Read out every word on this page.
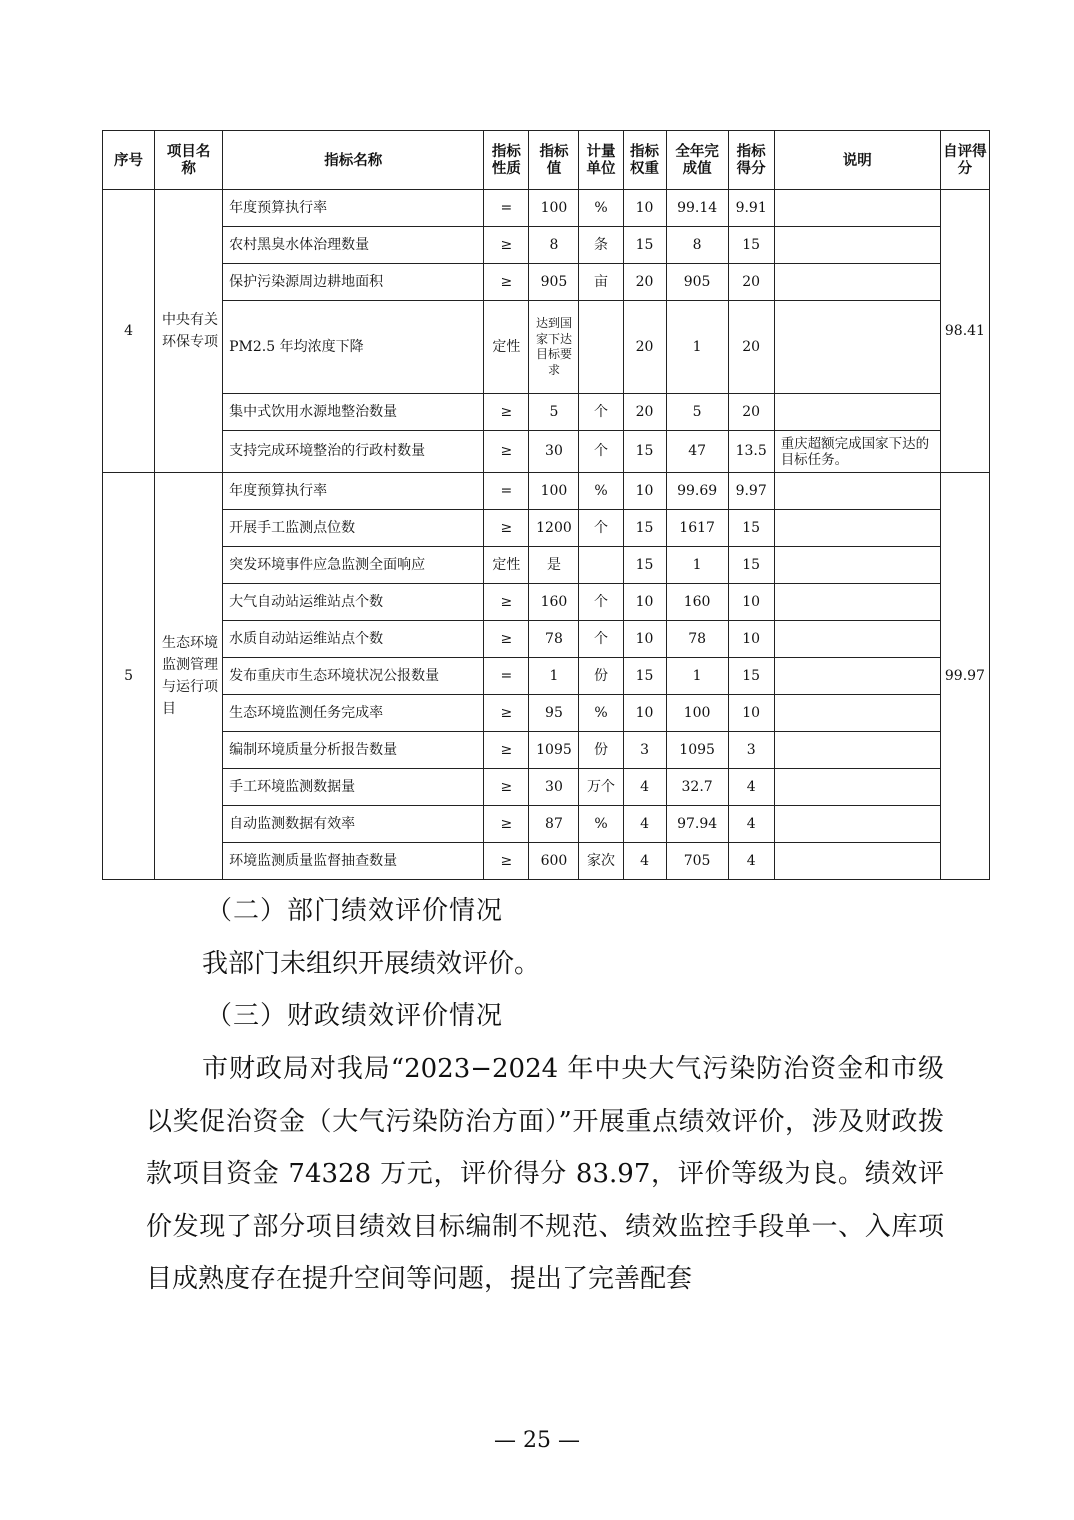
序号	项目名称	指标名称	指标性质	指标值	计量单位	指标权重	全年完成值	指标得分	说明	自评得分
4	中央有关环保专项	年度预算执行率	=	100	%	10	99.14	9.91		98.41
		农村黑臭水体治理数量	≥	8	条	15	8	15		
		保护污染源周边耕地面积	≥	905	亩	20	905	20		
		PM2.5 年均浓度下降	定性	达到国家下达目标要求		20	1	20		
		集中式饮用水源地整治数量	≥	5	个	20	5	20		
		支持完成环境整治的行政村数量	≥	30	个	15	47	13.5	重庆超额完成国家下达的目标任务。	
5	生态环境监测管理与运行项目	年度预算执行率	=	100	%	10	99.69	9.97		99.97
		开展手工监测点位数	≥	1200	个	15	1617	15		
		突发环境事件应急监测全面响应	定性	是		15	1	15		
		大气自动站运维站点个数	≥	160	个	10	160	10		
		水质自动站运维站点个数	≥	78	个	10	78	10		
		发布重庆市生态环境状况公报数量	=	1	份	15	1	15		
		生态环境监测任务完成率	≥	95	%	10	100	10		
		编制环境质量分析报告数量	≥	1095	份	3	1095	3		
		手工环境监测数据量	≥	30	万个	4	32.7	4		
		自动监测数据有效率	≥	87	%	4	97.94	4		
		环境监测质量监督抽查数量	≥	600	家次	4	705	4		
（二）部门绩效评价情况
我部门未组织开展绩效评价。
（三）财政绩效评价情况
市财政局对我局“2023−2024 年中央大气污染防治资金和市级以奖促治资金（大气污染防治方面）”开展重点绩效评价，涉及财政拨款项目资金 74328 万元，评价得分 83.97，评价等级为良。绩效评价发现了部分项目绩效目标编制不规范、绩效监控手段单一、入库项目成熟度存在提升空间等问题，提出了完善配套
— 25 —
